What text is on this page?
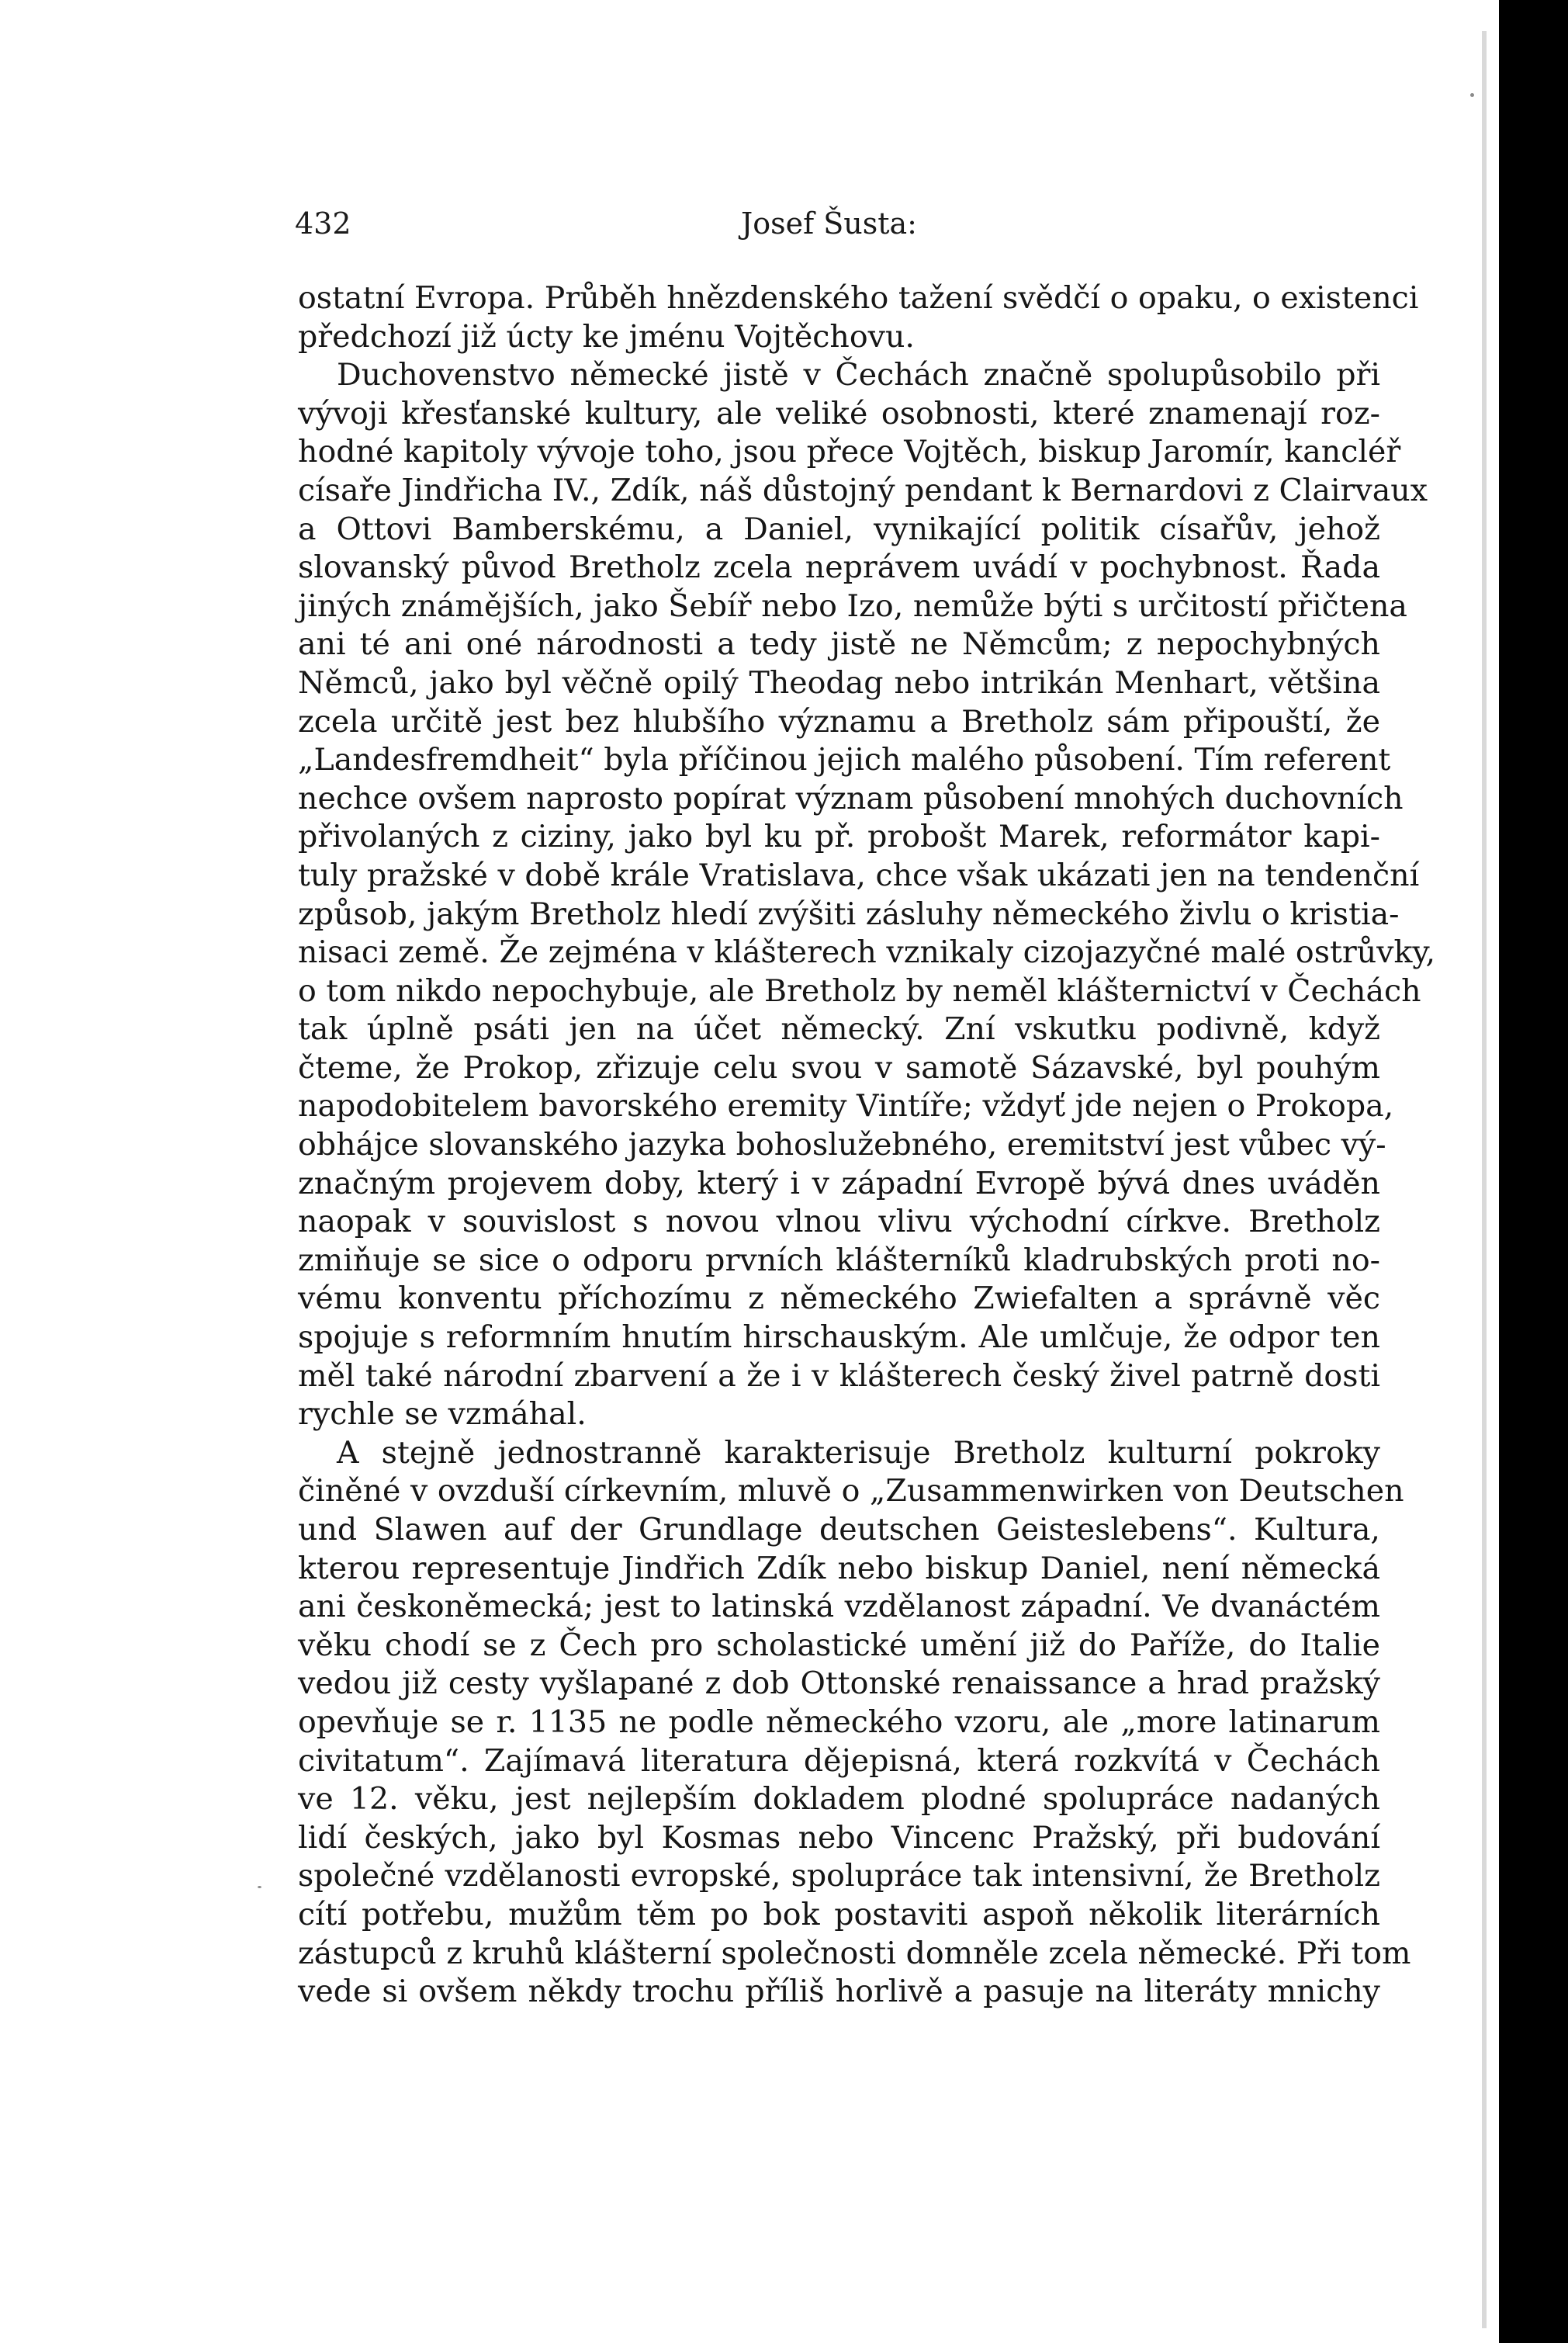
432	Josef Šusta:

ostatní Evropa. Průběh hnězdenského tažení svědčí o opaku, o existenci
předchozí již úcty ke jménu Vojtěchovu.
Duchovenstvo německé jistě v Čechách značně spolupůsobilo při
vývoji křesťanské kultury, ale veliké osobnosti, které znamenají roz-
hodné kapitoly vývoje toho, jsou přece Vojtěch, biskup Jaromír, kancléř
císaře Jindřicha IV., Zdík, náš důstojný pendant k Bernardovi z Clairvaux
a Ottovi Bamberskému, a Daniel, vynikající politik císařův, jehož
slovanský původ Bretholz zcela neprávem uvádí v pochybnost. Řada
jiných známějších, jako Šebíř nebo Izo, nemůže býti s určitostí přičtena
ani té ani oné národnosti a tedy jistě ne Němcům; z nepochybných
Němců, jako byl věčně opilý Theodag nebo intrikán Menhart, většina
zcela určitě jest bez hlubšího významu a Bretholz sám připouští, že
„Landesfremdheit“ byla příčinou jejich malého působení. Tím referent
nechce ovšem naprosto popírat význam působení mnohých duchovních
přivolaných z ciziny, jako byl ku př. probošt Marek, reformátor kapi-
tuly pražské v době krále Vratislava, chce však ukázati jen na tendenční
způsob, jakým Bretholz hledí zvýšiti zásluhy německého živlu o kristia-
nisaci země. Že zejména v klášterech vznikaly cizojazyčné malé ostrůvky,
o tom nikdo nepochybuje, ale Bretholz by neměl klášternictví v Čechách
tak úplně psáti jen na účet německý. Zní vskutku podivně, když
čteme, že Prokop, zřizuje celu svou v samotě Sázavské, byl pouhým
napodobitelem bavorského eremity Vintíře; vždyť jde nejen o Prokopa,
obhájce slovanského jazyka bohoslužebného, eremitství jest vůbec vý-
značným projevem doby, který i v západní Evropě bývá dnes uváděn
naopak v souvislost s novou vlnou vlivu východní církve. Bretholz
zmiňuje se sice o odporu prvních klášterníků kladrubských proti no-
vému konventu příchozímu z německého Zwiefalten a správně věc
spojuje s reformním hnutím hirschauským. Ale umlčuje, že odpor ten
měl také národní zbarvení a že i v klášterech český živel patrně dosti
rychle se vzmáhal.
A stejně jednostranně karakterisuje Bretholz kulturní pokroky
činěné v ovzduší církevním, mluvě o „Zusammenwirken von Deutschen
und Slawen auf der Grundlage deutschen Geisteslebens“. Kultura,
kterou representuje Jindřich Zdík nebo biskup Daniel, není německá
ani českoněmecká; jest to latinská vzdělanost západní. Ve dvanáctém
věku chodí se z Čech pro scholastické umění již do Paříže, do Italie
vedou již cesty vyšlapané z dob Ottonské renaissance a hrad pražský
opevňuje se r. 1135 ne podle německého vzoru, ale „more latinarum
civitatum“. Zajímavá literatura dějepisná, která rozkvítá v Čechách
ve 12. věku, jest nejlepším dokladem plodné spolupráce nadaných
lidí českých, jako byl Kosmas nebo Vincenc Pražský, při budování
společné vzdělanosti evropské, spolupráce tak intensivní, že Bretholz
cítí potřebu, mužům těm po bok postaviti aspoň několik literárních
zástupců z kruhů klášterní společnosti domněle zcela německé. Při tom
vede si ovšem někdy trochu příliš horlivě a pasuje na literáty mnichy
